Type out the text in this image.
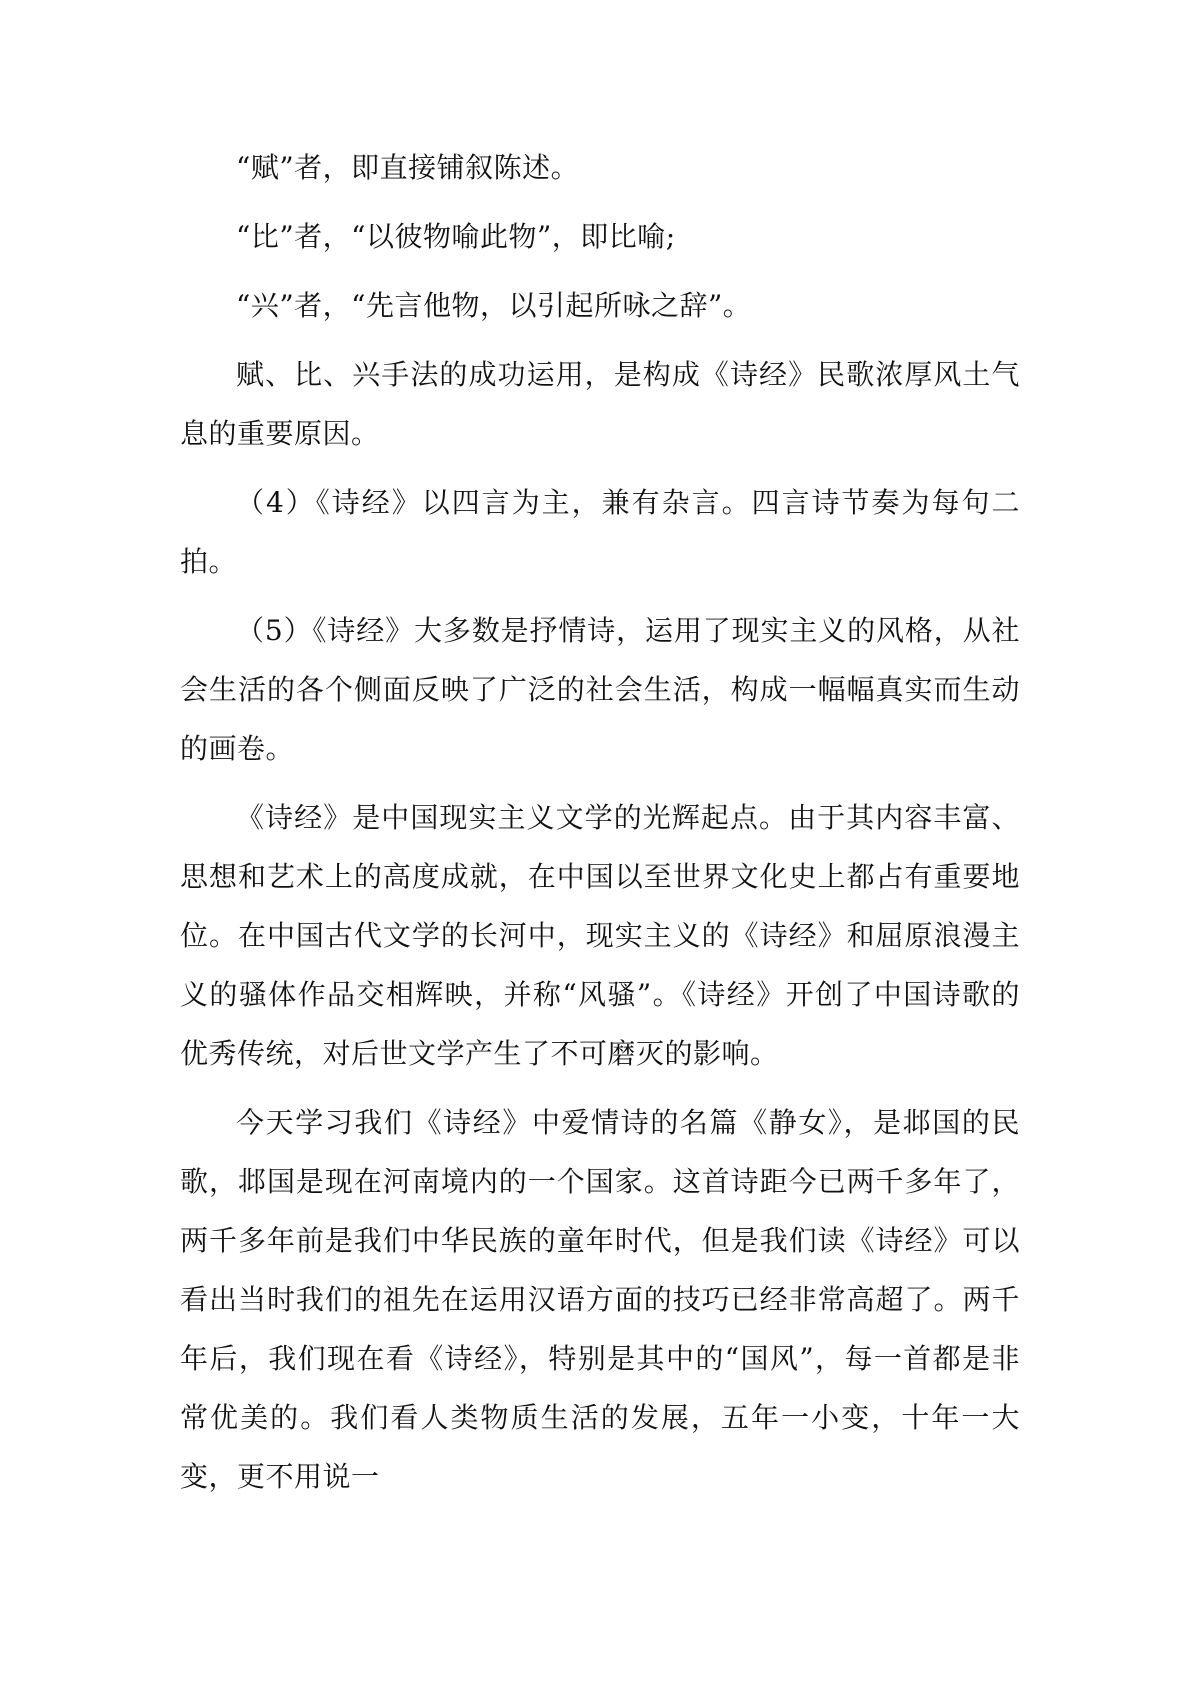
“赋”者，即直接铺叙陈述。

“比”者，“以彼物喻此物”，即比喻;

“兴”者，“先言他物，以引起所咏之辞”。

赋、比、兴手法的成功运用，是构成《诗经》民歌浓厚风土气息的重要原因。

（4）《诗经》以四言为主，兼有杂言。四言诗节奏为每句二拍。

（5）《诗经》大多数是抒情诗，运用了现实主义的风格，从社会生活的各个侧面反映了广泛的社会生活，构成一幅幅真实而生动的画卷。

《诗经》是中国现实主义文学的光辉起点。由于其内容丰富、思想和艺术上的高度成就，在中国以至世界文化史上都占有重要地位。在中国古代文学的长河中，现实主义的《诗经》和屈原浪漫主义的骚体作品交相辉映，并称“风骚”。《诗经》开创了中国诗歌的优秀传统，对后世文学产生了不可磨灭的影响。

今天学习我们《诗经》中爱情诗的名篇《静女》，是邶国的民歌，邶国是现在河南境内的一个国家。这首诗距今已两千多年了，两千多年前是我们中华民族的童年时代，但是我们读《诗经》可以看出当时我们的祖先在运用汉语方面的技巧已经非常高超了。两千年后，我们现在看《诗经》，特别是其中的“国风”，每一首都是非常优美的。我们看人类物质生活的发展，五年一小变，十年一大变，更不用说一
